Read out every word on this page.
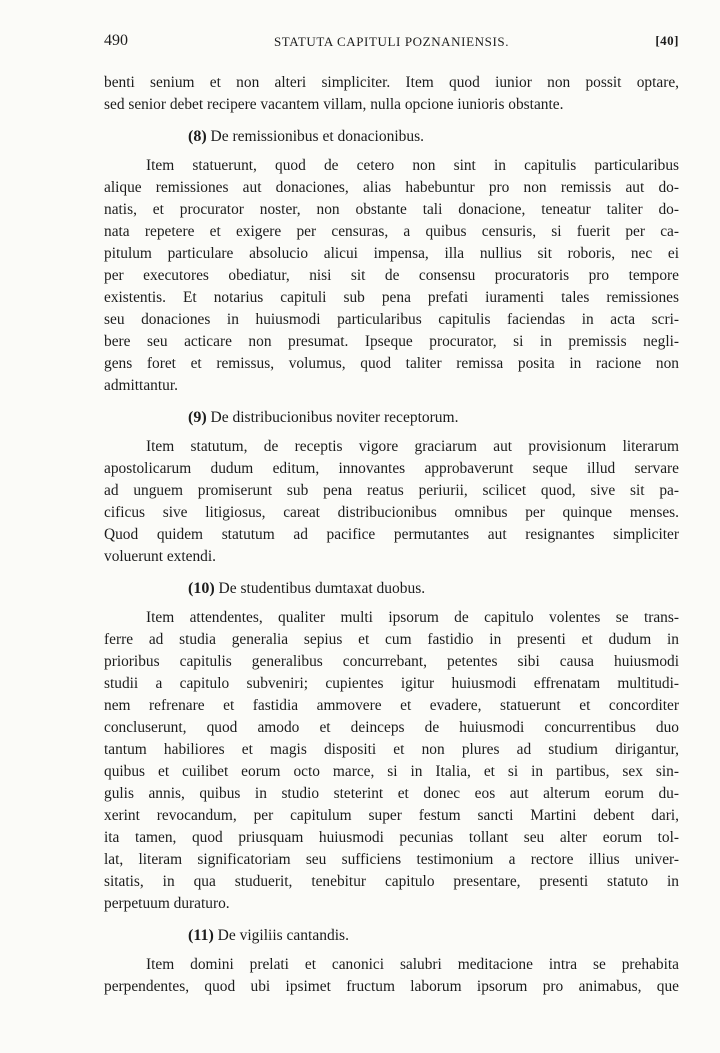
490	STATUTA CAPITULI POZNANIENSIS.	[40]
benti senium et non alteri simpliciter. Item quod iunior non possit optare,
sed senior debet recipere vacantem villam, nulla opcione iunioris obstante.
(8) De remissionibus et donacionibus.
Item statuerunt, quod de cetero non sint in capitulis particularibus
alique remissiones aut donaciones, alias habebuntur pro non remissis aut do-
natis, et procurator noster, non obstante tali donacione, teneatur taliter do-
nata repetere et exigere per censuras, a quibus censuris, si fuerit per ca-
pitulum particulare absolucio alicui impensa, illa nullius sit roboris, nec ei
per executores obediatur, nisi sit de consensu procuratoris pro tempore
existentis. Et notarius capituli sub pena prefati iuramenti tales remissiones
seu donaciones in huiusmodi particularibus capitulis faciendas in acta scri-
bere seu acticare non presumat. Ipseque procurator, si in premissis negli-
gens foret et remissus, volumus, quod taliter remissa posita in racione non
admittantur.
(9) De distribucionibus noviter receptorum.
Item statutum, de receptis vigore graciarum aut provisionum literarum
apostolicarum dudum editum, innovantes approbaverunt seque illud servare
ad unguem promiserunt sub pena reatus periurii, scilicet quod, sive sit pa-
cificus sive litigiosus, careat distribucionibus omnibus per quinque menses.
Quod quidem statutum ad pacifice permutantes aut resignantes simpliciter
voluerunt extendi.
(10) De studentibus dumtaxat duobus.
Item attendentes, qualiter multi ipsorum de capitulo volentes se trans-
ferre ad studia generalia sepius et cum fastidio in presenti et dudum in
prioribus capitulis generalibus concurrebant, petentes sibi causa huiusmodi
studii a capitulo subveniri; cupientes igitur huiusmodi effrenatam multitudi-
nem refrenare et fastidia ammovere et evadere, statuerunt et concorditer
concluserunt, quod amodo et deinceps de huiusmodi concurrentibus duo
tantum habiliores et magis dispositi et non plures ad studium dirigantur,
quibus et cuilibet eorum octo marce, si in Italia, et si in partibus, sex sin-
gulis annis, quibus in studio steterint et donec eos aut alterum eorum du-
xerint revocandum, per capitulum super festum sancti Martini debent dari,
ita tamen, quod priusquam huiusmodi pecunias tollant seu alter eorum tol-
lat, literam significatoriam seu sufficiens testimonium a rectore illius univer-
sitatis, in qua studuerit, tenebitur capitulo presentare, presenti statuto in
perpetuum duraturo.
(11) De vigiliis cantandis.
Item domini prelati et canonici salubri meditacione intra se prehabita
perpendentes, quod ubi ipsimet fructum laborum ipsorum pro animabus, que
